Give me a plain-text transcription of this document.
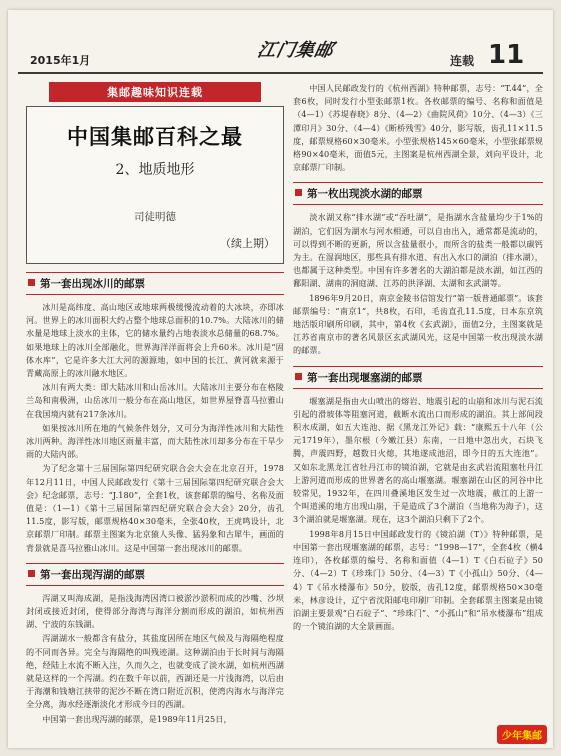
2015年1月	江门集邮	连载 11
集邮趣味知识连载
中国集邮百科之最
2、地质地形
司徒明德
（续上期）
第一套出现冰川的邮票

冰川是高纬度、高山地区或地球两极缓慢流动着的大冰块，亦即冰河。世界上的冰川面积大约占整个地球总面积的10.7%。大陆冰川的储水量是地球上淡水的主体，它的储水量约占地表淡水总储量的68.7%。如果地球上的冰川全部融化，世界海洋洋面将会上升60米。冰川是“固体水库”，它是许多大江大河的源源地，如中国的长江、黄河就来源于青藏高原上的冰川融水地区。

冰川有两大类：即大陆冰川和山岳冰川。大陆冰川主要分布在格陵兰岛和南极洲，山岳冰川一般分布在高山地区，如世界屋脊喜马拉雅山在我国境内就有217条冰川。

如果按冰川所在地的气候条件划分，又可分为海洋性冰川和大陆性冰川两种。海洋性冰川地区雨量丰富，而大陆性冰川却多分布在干旱少雨的大陆内部。

为了纪念第十三届国际第四纪研究联合会大会在北京召开，1978年12月11日，中国人民邮政发行《第十三届国际第四纪研究联合会大会》纪念邮票，志号：“J.180”，全套1枚，该套邮票的编号、名称及面值是：（1—1）《第十三届国际第四纪研究联合会大会》20分，齿孔11.5度，影写版，邮票规格40×30毫米，全张40枚，王虎鸣设计，北京邮票厂印制。邮票主图案为北京猿人头像、猛犸象和古犀牛，画面的背景就是喜马拉雅山冰川。这是中国第一套出现冰川的邮票。

第一套出现泻湖的邮票

泻湖又叫海成湖，是指浅海湾因湾口被淤沙淤积而成的沙嘴、沙坝封闭或接近封闭，使得部分海湾与海洋分割而形成的湖泊，如杭州西湖、宁波的东钱湖。

泻湖湖水一般都含有盐分，其盐度因所在地区气候及与海隔绝程度的不同而各异。完全与海隔绝的叫残迹湖。这种湖泊由于长时间与海隔绝，经陆上水流不断入注，久而久之，也就变成了淡水湖，如杭州西湖就是这样的一个泻湖。约在数千年以前，西湖还是一片浅海湾，以后由于海潮和钱塘江挟带的泥沙不断在湾口附近沉积，使湾内海水与海洋完全分离，海水经逐渐淡化才形成今日的西湖。

中国第一套出现泻湖的邮票，是1989年11月25日，

中国人民邮政发行的《杭州西湖》特种邮票，志号：“T.44”，全套6枚，同时发行小型张邮票1枚。各枚邮票的编号、名称和面值是（4—1）《苏堤春晓》8分、（4—2）《曲院风荷》10分、（4—3）《三潭印月》30分、（4—4）《断桥残雪》40分，影写版，齿孔11×11.5度，邮票规格60×30毫米。小型张规格145×60毫米，小型张邮票规格90×40毫米，面值5元，主图案是杭州西湖全景，刘向平设计，北京邮票厂印制。

第一枚出现淡水湖的邮票

淡水湖又称“排水湖”或“吞吐湖”，是指湖水含盐量均少于1%的湖泊，它们因为湖水与河水相通，可以自由出入，通常都是流动的，可以得到不断的更新，所以含盐量很小，而所含的盐类一般都以碳钙为主。在湿润地区，那些具有排水道、有出入水口的湖泊（排水湖），也都属于这种类型。中国有许多著名的大湖泊都是淡水湖，如江西的鄱阳湖、湖南的洞庭湖、江苏的洪泽湖、太湖和玄武湖等。

1896年9月20日，南京金陵书信馆发行“第一版普通邮票”。该套邮票编号：“南京1”，共8枚，石印，毛齿直孔11.5度，日本东京筑地活版印刷所印刷，其中，第4枚《玄武湖》，面值2分，主图案就是江苏省南京市的著名风景区玄武湖风光，这是中国第一枚出现淡水湖的邮票。

第一套出现堰塞湖的邮票

堰塞湖是指由火山喷出的熔岩、地震引起的山崩和冰川与泥石流引起的滑坡体等阻塞河道，截断水流出口而形成的湖泊。其上部间段积水成湖，如五大连池、据《黑龙江外记》载：“康熙五十八年（公元1719年），墨尔根（今嫩江县）东南，一日地中忽出火，石块飞腾，声震四野，越数日火熄，其地遂成池沼，即今日的五大连池”。又如东北黑龙江省牡丹江市的镜泊湖，它就是由玄武岩流阻塞牡丹江上游河道而形成的世界著名的高山堰塞湖。堰塞湖在山区的河谷中比较常见，1932年，在四川叠溪地区发生过一次地震，截江的上游一个叫道溪的地方出现山崩，于是造成了3个湖泊（当地称为海子），这3个湖泊就是堰塞湖。现在，这3个湖泊只剩下了2个。

1998年8月15日中国邮政发行的《镜泊湖（T）》特种邮票，是中国第一套出现堰塞湖的邮票，志号：“1998—17”，全套4枚（横4连印），各枚邮票的编号、名称和面值（4—1）T《白石砬子》50分、（4—2）T《珍珠门》50分、（4—3）T《小孤山》50分、（4—4）T《吊水楼瀑布》50分，胶版，齿孔12度，邮票规格50×30毫米，林彦设计，辽宁省沈阳邮电印刷厂印制。全套邮票主图案是由镜泊湖主要景观“白石砬子”、“珍珠门”、“小孤山”和“吊水楼瀑布”组成的一个镜泊湖的大全景画面。

少年集邮
